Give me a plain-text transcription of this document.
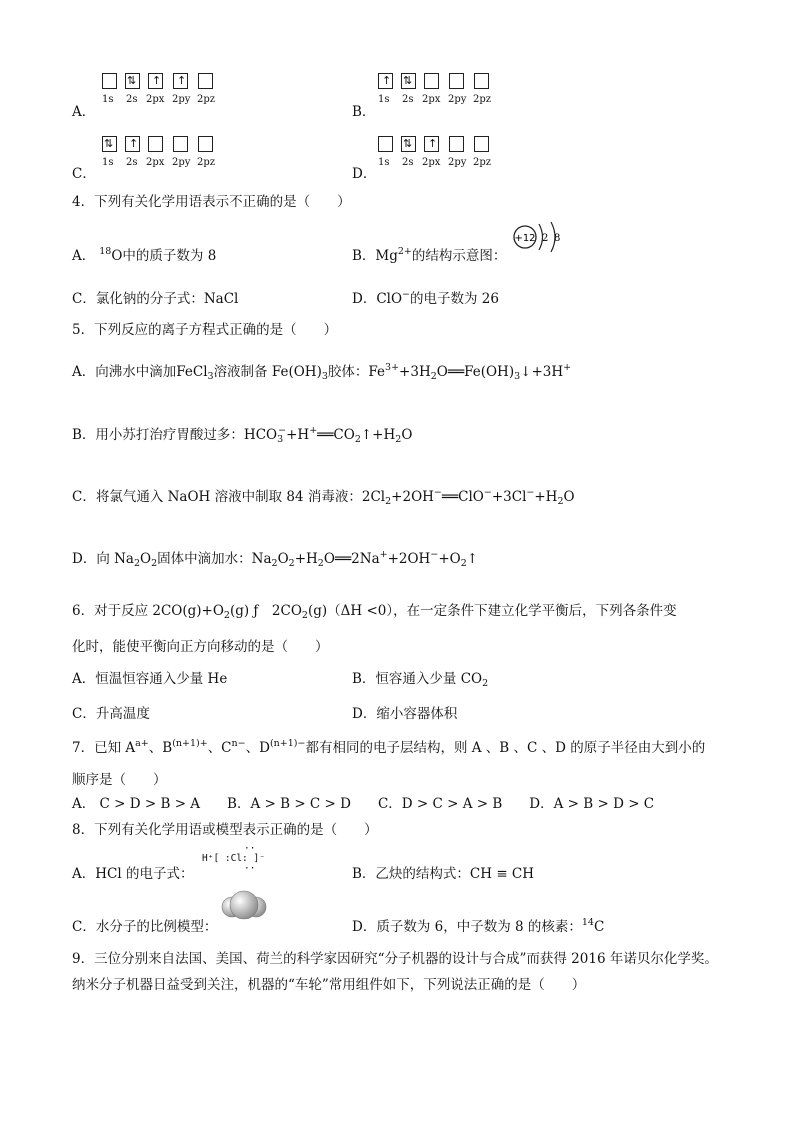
A．
⇅ ↑ ↑
1s 2s 2px 2py 2pz
B．
↑ ⇅
1s 2s 2px 2py 2pz
C．
⇅ ↑
1s 2s 2px 2py 2pz
D．
⇅ ↑
1s 2s 2px 2py 2pz
4．下列有关化学用语表示不正确的是（　　）
A． $^{18}$O中的质子数为 8	B．$Mg^{2+}$的结构示意图：
+12 2 8
C．氯化钠的分子式：NaCl	D．ClO−的电子数为 26
5．下列反应的离子方程式正确的是（　　）
A．向沸水中滴加FeCl$_3$溶液制备 $Fe(OH)_3$胶体：$Fe^{3+}+3H_2O══Fe(OH)_3↓+3H^+$
B．用小苏打治疗胃酸过多：$HCO_3^-+H^+══CO_2↑+H_2O$
C．将氯气通入 NaOH 溶液中制取 84 消毒液：$2Cl_2+2OH^-══ClO^-+3Cl^-+H_2O$
D．向 $Na_2O_2$固体中滴加水：$Na_2O_2+H_2O══2Na^++2OH^-+O_2↑$
6．对于反应 $2CO(g)+O_2(g)$ ƒ　$2CO_2(g)(\Delta H <0)$，在一定条件下建立化学平衡后，下列各条件变
化时，能使平衡向正方向移动的是（　　）
A．恒温恒容通入少量 He	B．恒容通入少量 $CO_2$
C．升高温度	D．缩小容器体积
7．已知 $A^{a+}$、$B^{(n+1)+}$、$C^{n-}$、$D^{(n+1)-}$都有相同的电子层结构，则 A 、B 、C 、D 的原子半径由大到小的
顺序是（　　）
A． C > D > B > A　　B．A > B > C > D　　C．D > C > A > B　　D．A > B > D > C
8．下列有关化学用语或模型表示正确的是（　　）
A．HCl 的电子式：
··
H⁺[ :Cl: ]⁻
··	B．乙炔的结构式：CH ≡ CH
C．水分子的比例模型：	D．质子数为 6，中子数为 8 的核素：$^{14}$C
9．三位分别来自法国、美国、荷兰的科学家因研究“分子机器的设计与合成”而获得 2016 年诺贝尔化学奖。
纳米分子机器日益受到关注，机器的“车轮”常用组件如下，下列说法正确的是（　　）
